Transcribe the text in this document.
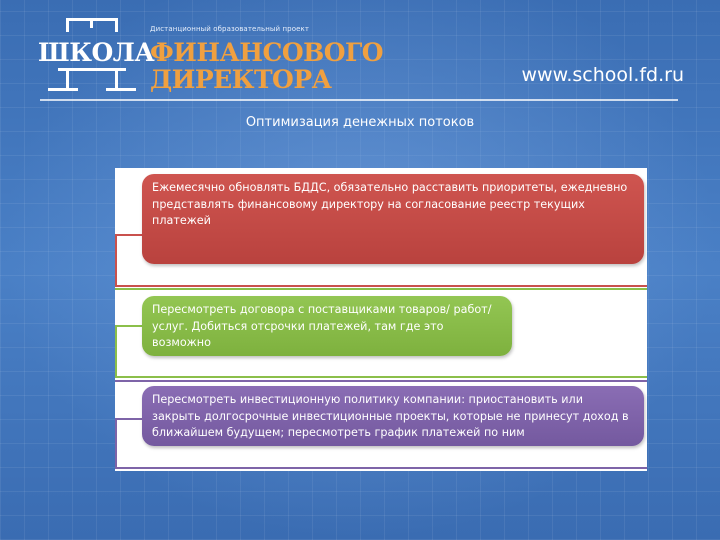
Дистанционный образовательный проект
ШКОЛА
ФИНАНСОВОГО
ДИРЕКТОРА	www.school.fd.ru
Оптимизация денежных потоков
Ежемесячно обновлять БДДС, обязательно расставить приоритеты, ежедневно представлять финансовому директору на согласование реестр текущих платежей
Пересмотреть договора с поставщиками товаров/ работ/услуг. Добиться отсрочки платежей, там где это возможно
Пересмотреть инвестиционную политику компании: приостановить или закрыть долгосрочные инвестиционные проекты, которые не принесут доход в ближайшем будущем; пересмотреть график платежей по ним
